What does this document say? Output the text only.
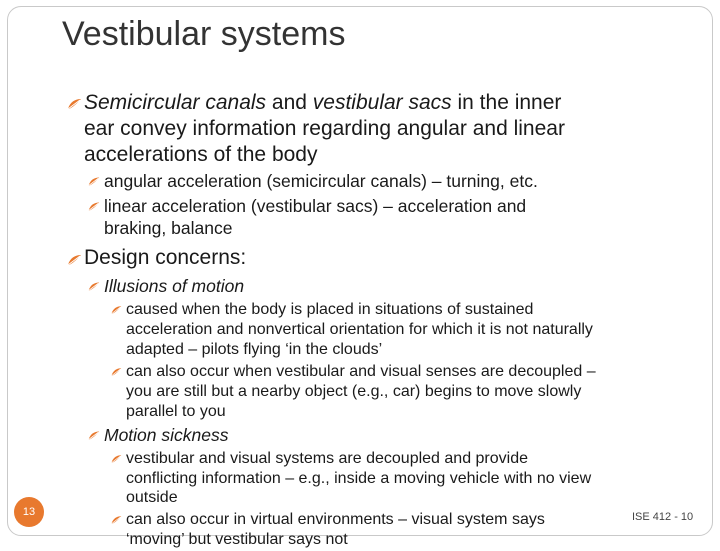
Vestibular systems
Semicircular canals and vestibular sacs in the inner
ear convey information regarding angular and linear
accelerations of the body
angular acceleration (semicircular canals) – turning, etc.
linear acceleration (vestibular sacs) – acceleration and
braking, balance
Design concerns:
Illusions of motion
caused when the body is placed in situations of sustained
acceleration and nonvertical orientation for which it is not naturally
adapted – pilots flying ‘in the clouds’
can also occur when vestibular and visual senses are decoupled –
you are still but a nearby object (e.g., car) begins to move slowly
parallel to you
Motion sickness
vestibular and visual systems are decoupled and provide
conflicting information – e.g., inside a moving vehicle with no view
outside
can also occur in virtual environments – visual system says
‘moving’ but vestibular says not
13	ISE 412 - 10
